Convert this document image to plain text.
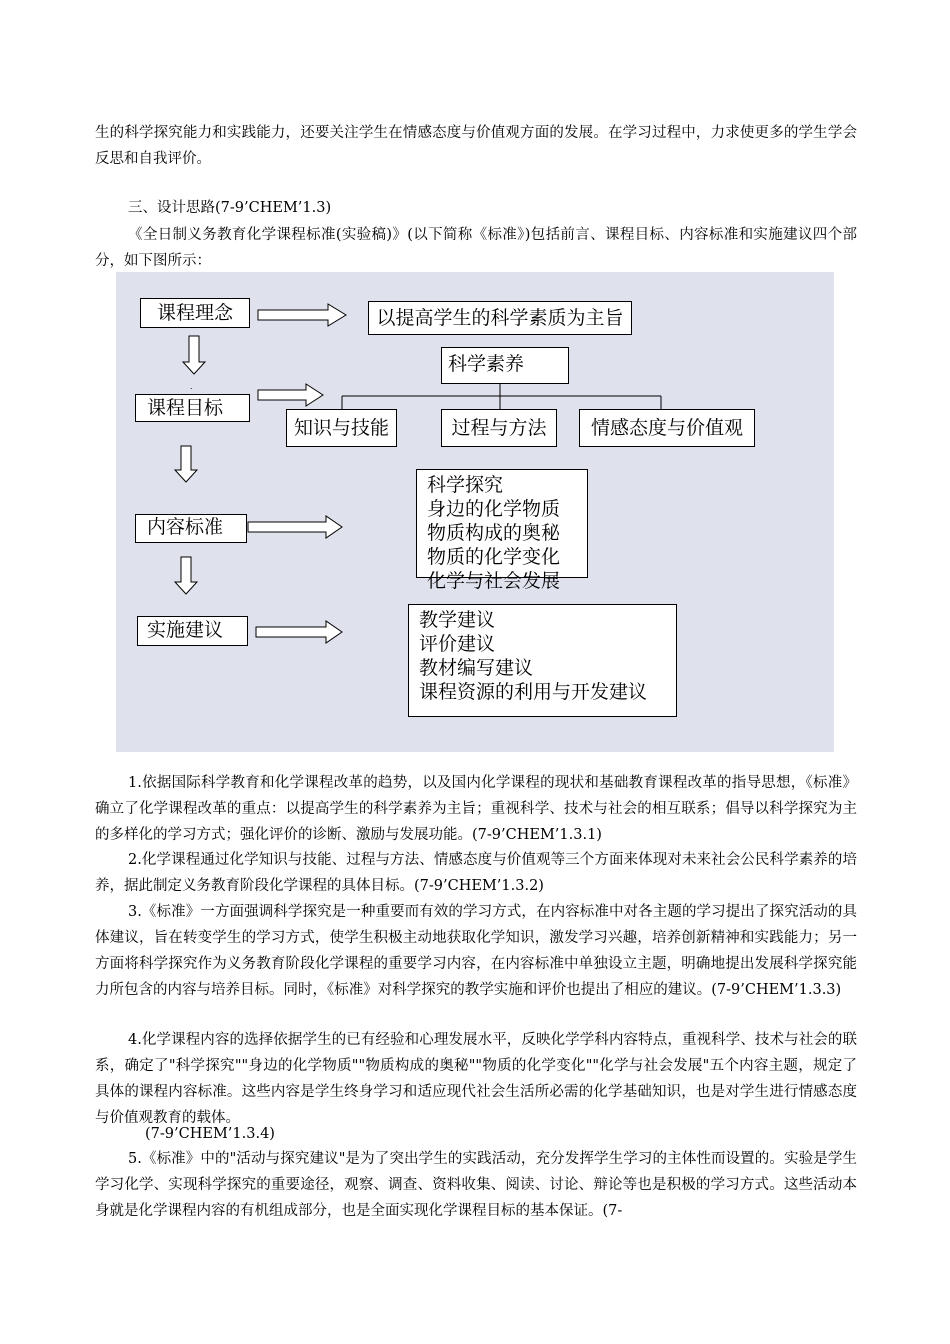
生的科学探究能力和实践能力，还要关注学生在情感态度与价值观方面的发展。在学习过程中，力求使更多的学生学会反思和自我评价。

三、设计思路(7-9’CHEM’1.3)

《全日制义务教育化学课程标准(实验稿)》(以下简称《标准》)包括前言、课程目标、内容标准和实施建议四个部分，如下图所示：

.
课程理念	以提高学生的科学素质为主旨
科学素养
课程目标
知识与技能	过程与方法	情感态度与价值观
内容标准
科学探究
身边的化学物质
物质构成的奥秘
物质的化学变化
化学与社会发展
实施建议	教学建议
评价建议
教材编写建议
课程资源的利用与开发建议

1.依据国际科学教育和化学课程改革的趋势，以及国内化学课程的现状和基础教育课程改革的指导思想，《标准》确立了化学课程改革的重点：以提高学生的科学素养为主旨；重视科学、技术与社会的相互联系；倡导以科学探究为主的多样化的学习方式；强化评价的诊断、激励与发展功能。(7-9’CHEM’1.3.1)

2.化学课程通过化学知识与技能、过程与方法、情感态度与价值观等三个方面来体现对未来社会公民科学素养的培养，据此制定义务教育阶段化学课程的具体目标。(7-9’CHEM’1.3.2)

3.《标准》一方面强调科学探究是一种重要而有效的学习方式，在内容标准中对各主题的学习提出了探究活动的具体建议，旨在转变学生的学习方式，使学生积极主动地获取化学知识，激发学习兴趣，培养创新精神和实践能力；另一方面将科学探究作为义务教育阶段化学课程的重要学习内容，在内容标准中单独设立主题，明确地提出发展科学探究能力所包含的内容与培养目标。同时，《标准》对科学探究的教学实施和评价也提出了相应的建议。(7-9’CHEM’1.3.3)

4.化学课程内容的选择依据学生的已有经验和心理发展水平，反映化学学科内容特点，重视科学、技术与社会的联系，确定了"科学探究""身边的化学物质""物质构成的奥秘""物质的化学变化""化学与社会发展"五个内容主题，规定了具体的课程内容标准。这些内容是学生终身学习和适应现代社会生活所必需的化学基础知识，也是对学生进行情感态度与价值观教育的载体。

(7-9’CHEM’1.3.4)

5.《标准》中的"活动与探究建议"是为了突出学生的实践活动，充分发挥学生学习的主体性而设置的。实验是学生学习化学、实现科学探究的重要途径，观察、调查、资料收集、阅读、讨论、辩论等也是积极的学习方式。这些活动本身就是化学课程内容的有机组成部分，也是全面实现化学课程目标的基本保证。(7-
